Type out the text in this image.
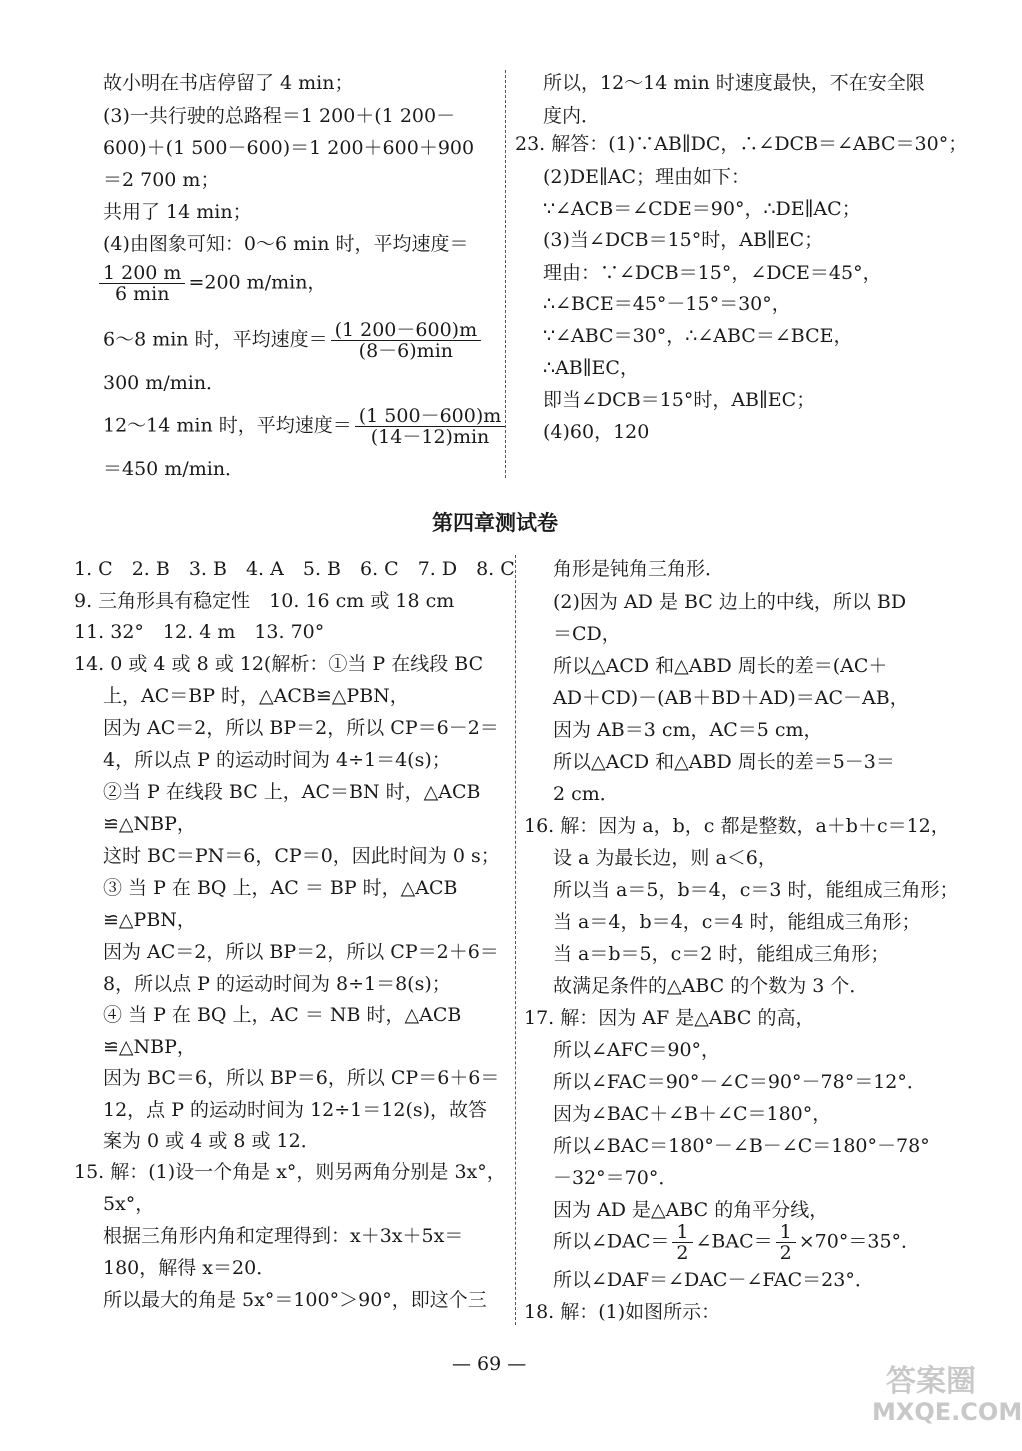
故小明在书店停留了 4 min；
(3)一共行驶的总路程＝1 200＋(1 200－
600)＋(1 500－600)＝1 200＋600＋900
＝2 700 m；
共用了 14 min；
(4)由图象可知：0～6 min 时，平均速度＝
$\frac{1 200 m}{6 \min} =200$ m/min，
6～8 min 时，平均速度＝ $\frac{(1 200-600)m}{(8-6)\min}$
300 m/min．
12～14 min 时，平均速度＝ $\frac{(1 500-600)m}{(14-12)\min}$
＝450 m/min．
所以，12～14 min 时速度最快，不在安全限
度内．
23. 解答：(1)∵AB∥DC，∴∠DCB＝∠ABC＝30°；
(2)DE∥AC；理由如下：
∵∠ACB＝∠CDE＝90°，∴DE∥AC；
(3)当∠DCB＝15°时，AB∥EC；
理由：∵∠DCB＝15°，∠DCE＝45°，
∴∠BCE＝45°－15°＝30°，
∵∠ABC＝30°，∴∠ABC＝∠BCE，
∴AB∥EC，
即当∠DCB＝15°时，AB∥EC；
(4)60，120
第四章测试卷
1. C　2. B　3. B　4. A　5. B　6. C　7. D　8. C
9. 三角形具有稳定性　10. 16 cm 或 18 cm
11. 32°　12. 4 m　13. 70°
14. 0 或 4 或 8 或 12(解析：①当 P 在线段 BC
上，AC＝BP 时，△ACB≌△PBN，
因为 AC＝2，所以 BP＝2，所以 CP＝6－2＝
4，所以点 P 的运动时间为 4÷1＝4(s)；
②当 P 在线段 BC 上，AC＝BN 时，△ACB
≌△NBP，
这时 BC＝PN＝6，CP＝0，因此时间为 0 s；
③ 当 P 在 BQ 上，AC ＝ BP 时，△ACB
≌△PBN，
因为 AC＝2，所以 BP＝2，所以 CP＝2＋6＝
8，所以点 P 的运动时间为 8÷1＝8(s)；
④ 当 P 在 BQ 上，AC ＝ NB 时，△ACB
≌△NBP，
因为 BC＝6，所以 BP＝6，所以 CP＝6＋6＝
12，点 P 的运动时间为 12÷1＝12(s)，故答
案为 0 或 4 或 8 或 12．
15. 解：(1)设一个角是 x°，则另两角分别是 3x°，
5x°，
根据三角形内角和定理得到：x＋3x＋5x＝
180，解得 x＝20．
所以最大的角是 5x°＝100°＞90°，即这个三
角形是钝角三角形．
(2)因为 AD 是 BC 边上的中线，所以 BD
＝CD，
所以△ACD 和△ABD 周长的差＝(AC＋
AD＋CD)－(AB＋BD＋AD)＝AC－AB，
因为 AB＝3 cm，AC＝5 cm，
所以△ACD 和△ABD 周长的差＝5－3＝
2 cm．
16. 解：因为 a，b，c 都是整数，a＋b＋c＝12，
设 a 为最长边，则 a＜6，
所以当 a＝5，b＝4，c＝3 时，能组成三角形；
当 a＝4，b＝4，c＝4 时，能组成三角形；
当 a＝b＝5，c＝2 时，能组成三角形；
故满足条件的△ABC 的个数为 3 个．
17. 解：因为 AF 是△ABC 的高，
所以∠AFC＝90°，
所以∠FAC＝90°－∠C＝90°－78°＝12°．
因为∠BAC＋∠B＋∠C＝180°，
所以∠BAC＝180°－∠B－∠C＝180°－78°
－32°＝70°．
因为 AD 是△ABC 的角平分线，
所以∠DAC＝ $\frac{1}{2}$ ∠BAC＝ $\frac{1}{2} \times 70^\circ=35^\circ$．
所以∠DAF＝∠DAC－∠FAC＝23°．
18. 解：(1)如图所示：
— 69 —	答案圈
MXQE.COM
